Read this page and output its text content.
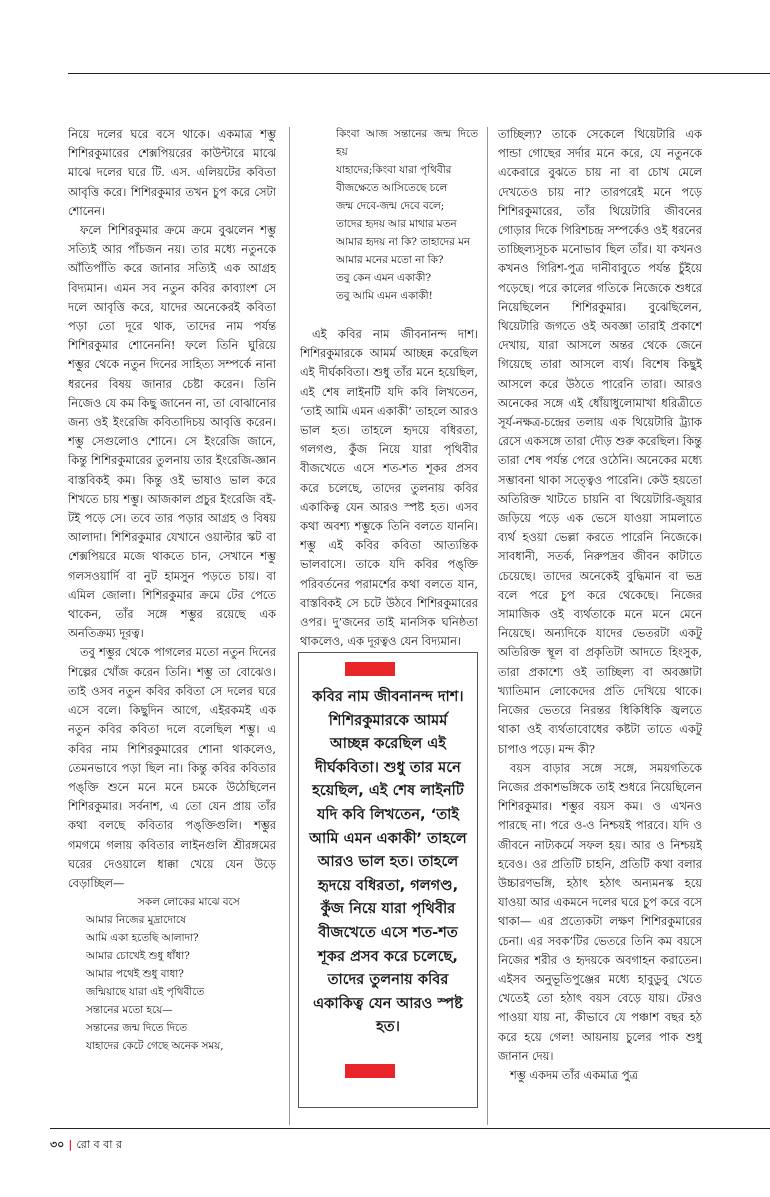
নিয়ে দলের ঘরে বসে থাকে। একমাত্র শম্ভু শিশিরকুমারের শেক্সপিয়রের কাউন্টারে মাঝে মাঝে দলের ঘরে টি. এস. এলিয়টের কবিতা আবৃত্তি করে। শিশিরকুমার তখন চুপ করে সেটা শোনেন।

ফলে শিশিরকুমার ক্রমে ক্রমে বুঝলেন শম্ভু সত্যিই আর পাঁচজন নয়। তার মধ্যে নতুনকে আঁতিপাঁতি করে জানার সত্যিই এক আগ্রহ বিদ্যমান। এমন সব নতুন কবির কাব্যাংশ সে দলে আবৃত্তি করে, যাদের অনেকেরই কবিতা পড়া তো দূরে থাক, তাদের নাম পর্যন্ত শিশিরকুমার শোনেননি! ফলে তিনি ঘুরিয়ে শম্ভুর থেকে নতুন দিনের সাহিত্য সম্পর্কে নানা ধরনের বিষয় জানার চেষ্টা করেন। তিনি নিজেও যে কম কিছু জানেন না, তা বোঝানোর জন্য ওই ইংরেজি কবিতাদিচয় আবৃত্তি করেন। শম্ভু সেগুলোও শোনে। সে ইংরেজি জানে, কিন্তু শিশিরকুমারের তুলনায় তার ইংরেজি-জ্ঞান বাস্তবিকই কম। কিন্তু ওই ভাষাও ভাল করে শিখতে চায় শম্ভু। আজকাল প্রচুর ইংরেজি বই-টই পড়ে সে। তবে তার পড়ার আগ্রহ ও বিষয় আলাদা। শিশিরকুমার যেখানে ওয়াল্টার স্কট বা শেক্সপিয়রে মজে থাকতে চান, সেখানে শম্ভু গলসওয়ার্দি বা নুট হামসুন পড়তে চায়। বা এমিল জোলা। শিশিরকুমার ক্রমে টের পেতে থাকেন, তাঁর সঙ্গে শম্ভুর রয়েছে এক অনতিক্রম্য দূরত্ব।

তবু শম্ভুর থেকে পাগলের মতো নতুন দিনের শিল্পের খোঁজ করেন তিনি। শম্ভু তা বোঝেও। তাই ওসব নতুন কবির কবিতা সে দলের ঘরে এসে বলে। কিছুদিন আগে, এইরকমই এক নতুন কবির কবিতা দলে বলেছিল শম্ভু। এ কবির নাম শিশিরকুমারের শোনা থাকলেও, তেমনভাবে পড়া ছিল না। কিন্তু কবির কবিতার পঙ্‌ক্তি শুনে মনে মনে চমকে উঠেছিলেন শিশিরকুমার। সর্বনাশ, এ তো যেন প্রায় তাঁর কথা বলছে কবিতার পঙ্‌ক্তিগুলি। শম্ভুর গমগমে গলায় কবিতার লাইনগুলি শ্রীরঙ্গমের ঘরের দেওয়ালে ধাক্কা খেয়ে যেন উড়ে বেড়াচ্ছিল—

সকল লোকের মাঝে বসে
আমার নিজের মুদ্রাদোষে
আমি একা হতেছি আলাদা?
আমার চোখেই শুধু ধাঁধা?
আমার পথেই শুধু বাধা?
জন্মিয়াছে যারা এই পৃথিবীতে
সন্তানের মতো হয়ে—
সন্তানের জন্ম দিতে দিতে
যাহাদের কেটে গেছে অনেক সময়,
কিংবা আজ সন্তানের জন্ম দিতে হয়
যাহাদের;কিংবা যারা পৃথিবীর
বীজক্ষেতে আসিতেছে চলে
জন্ম দেবে-জন্ম দেবে বলে;
তাদের হৃদয় আর মাথার মতন
আমার হৃদয় না কি? তাহাদের মন
আমার মনের মতো না কি?
তবু কেন এমন একাকী?
তবু আমি এমন একাকী!

এই কবির নাম জীবনানন্দ দাশ। শিশিরকুমারকে আমর্ম আচ্ছন্ন করেছিল এই দীর্ঘকবিতা। শুধু তাঁর মনে হয়েছিল, এই শেষ লাইনটি যদি কবি লিখতেন, ‘তাই আমি এমন একাকী’ তাহলে আরও ভাল হত। তাহলে হৃদয়ে বধিরতা, গলগণ্ড, কুঁজ নিয়ে যারা পৃথিবীর বীজখেতে এসে শত-শত শূকর প্রসব করে চলেছে, তাদের তুলনায় কবির একাকিত্ব যেন আরও স্পষ্ট হত। এসব কথা অবশ্য শম্ভুকে তিনি বলতে যাননি। শম্ভু এই কবির কবিতা আত্যন্তিক ভালবাসে। তাকে যদি কবির পঙ্‌ক্তি পরিবর্তনের পরামর্শের কথা বলতে যান, বাস্তবিকই সে চটে উঠবে শিশিরকুমারের ওপর। দু’জনের তাই মানসিক ঘনিষ্ঠতা থাকলেও, এক দূরত্বও যেন বিদ্যমান।

কবির নাম জীবনানন্দ দাশ। শিশিরকুমারকে আমর্ম আচ্ছন্ন করেছিল এই দীর্ঘকবিতা। শুধু তার মনে হয়েছিল, এই শেষ লাইনটি যদি কবি লিখতেন, ‘তাই আমি এমন একাকী’ তাহলে আরও ভাল হত। তাহলে হৃদয়ে বধিরতা, গলগণ্ড, কুঁজ নিয়ে যারা পৃথিবীর বীজখেতে এসে শত-শত শূকর প্রসব করে চলেছে, তাদের তুলনায় কবির একাকিত্ব যেন আরও স্পষ্ট হত।

তাচ্ছিল্য? তাকে সেকেলে থিয়েটারি এক পান্ডা গোছের সর্দার মনে করে, যে নতুনকে একেবারে বুঝতে চায় না বা চোখ মেলে দেখতেও চায় না? তারপরেই মনে পড়ে শিশিরকুমারের, তাঁর থিয়েটারি জীবনের গোড়ার দিকে গিরিশচন্দ্র সম্পর্কেও ওই ধরনের তাচ্ছিল্যসূচক মনোভাব ছিল তাঁর। যা কখনও কখনও গিরিশ-পুত্র দানীবাবুতে পর্যন্ত চুঁইয়ে পড়েছে। পরে কালের গতিকে নিজেকে শুধরে নিয়েছিলেন শিশিরকুমার। বুঝেছিলেন, থিয়েটারি জগতে ওই অবজ্ঞা তারাই প্রকাশে দেখায়, যারা আসলে অন্তর থেকে জেনে গিয়েছে তারা আসলে ব্যর্থ। বিশেষ কিছুই আসলে করে উঠতে পারেনি তারা। আরও অনেকের সঙ্গে এই ধোঁয়াধুলোমাখা ধরিত্রীতে সূর্য-নক্ষত্র-চন্দ্রের তলায় এক থিয়েটারি ট্র্যাক রেসে একসঙ্গে তারা দৌড় শুরু করেছিল। কিন্তু তারা শেষ পর্যন্ত পেরে ওঠেনি। অনেকের মধ্যে সম্ভাবনা থাকা সত্ত্বেও পারেনি। কেউ হয়তো অতিরিক্ত খাটতে চায়নি বা থিয়েটারি-জুয়ার জড়িয়ে পড়ে এক ভেসে যাওয়া সামলাতে ব্যর্থ হওয়া ভেল্লা করতে পারেনি নিজেকে। সাবধানী, সতর্ক, নিরুপদ্রব জীবন কাটাতে চেয়েছে। তাদের অনেকেই বুদ্ধিমান বা ভদ্র বলে পরে চুপ করে থেকেছে। নিজের সামাজিক ওই ব্যর্থতাকে মনে মনে মেনে নিয়েছে। অন্যদিকে যাদের ভেতরটা একটু অতিরিক্ত স্থূল বা প্রকৃতিটা আদতে হিংসুক, তারা প্রকাশ্যে ওই তাচ্ছিল্য বা অবজ্ঞাটা খ্যাতিমান লোকেদের প্রতি দেখিয়ে থাকে। নিজের ভেতরে নিরন্তর ধিকিধিকি জ্বলতে থাকা ওই ব্যর্থতাবোধের কষ্টটা তাতে একটু চাপাও পড়ে। মন্দ কী?

বয়স বাড়ার সঙ্গে সঙ্গে, সময়গতিকে নিজের প্রকাশভঙ্গিকে তাই শুধরে নিয়েছিলেন শিশিরকুমার। শম্ভুর বয়স কম। ও এখনও পারছে না। পরে ও-ও নিশ্চয়ই পারবে। যদি ও জীবনে নাট্যকর্মে সফল হয়। আর ও নিশ্চয়ই হবেও। ওর প্রতিটি চাহনি, প্রতিটি কথা বলার উচ্চারণভঙ্গি, হঠাৎ হঠাৎ অন্যমনস্ক হয়ে যাওয়া আর একমনে দলের ঘরে চুপ করে বসে থাকা— এর প্রত্যেকটা লক্ষণ শিশিরকুমারের চেনা। এর সবক’টির ভেতরে তিনি কম বয়সে নিজের শরীর ও হৃদয়কে অবগাহন করাতেন। এইসব অনুভূতিপুঞ্জের মধ্যে হাবুডুবু খেতে খেতেই তো হঠাৎ বয়স বেড়ে যায়। টেরও পাওয়া যায় না, কীভাবে যে পঞ্চাশ বছর হঠ করে হয়ে গেল! আয়নায় চুলের পাক শুধু জানান দেয়।

শম্ভু একদম তাঁর একমাত্র পুত্র

৩০ | রো ব বা র
